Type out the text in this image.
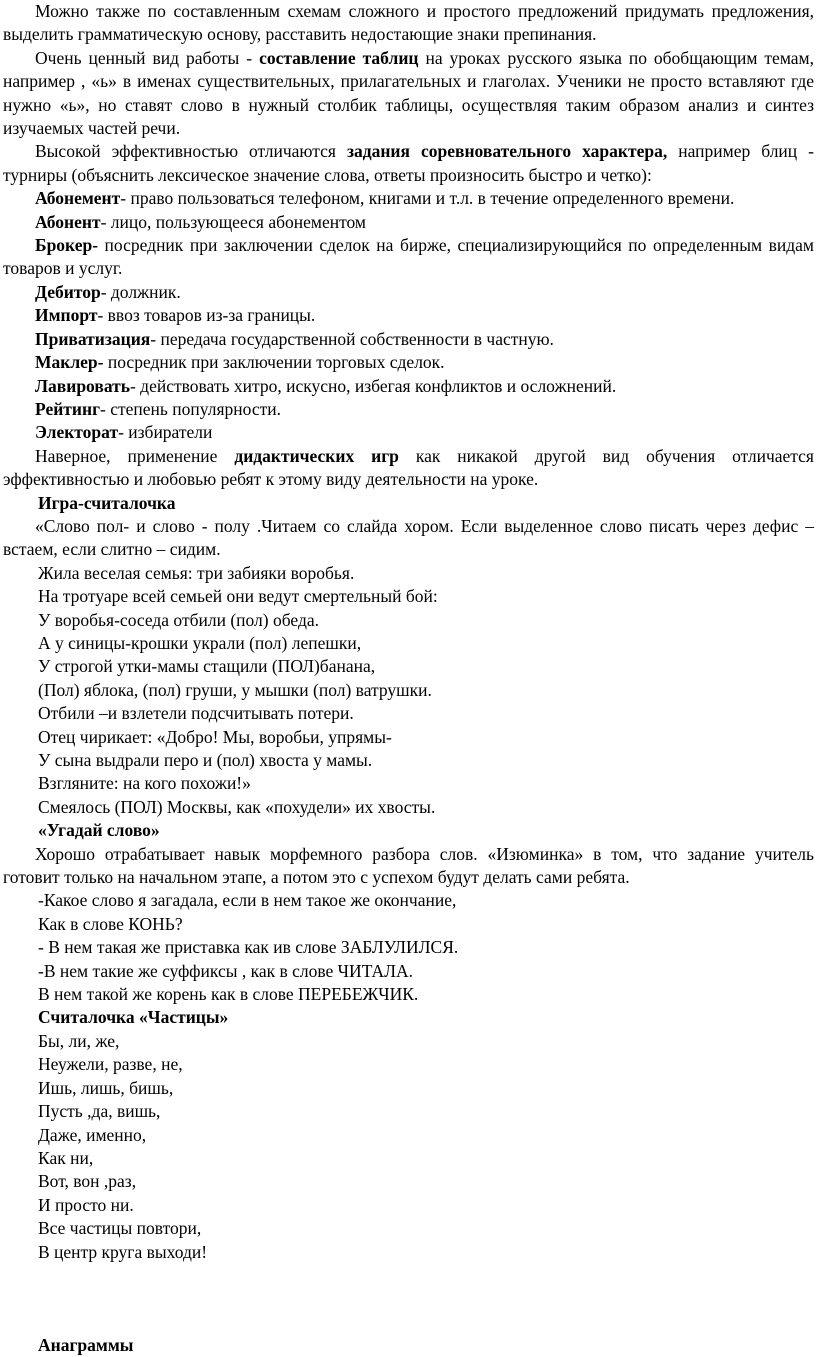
Можно также по составленным схемам сложного и простого предложений придумать предложения, выделить грамматическую основу, расставить недостающие знаки препинания.

Очень ценный вид работы - составление таблиц на уроках русского языка по обобщающим темам, например , «ь» в именах существительных, прилагательных и глаголах. Ученики не просто вставляют где нужно «ь», но ставят слово в нужный столбик таблицы, осуществляя таким образом анализ и синтез изучаемых частей речи.

Высокой эффективностью отличаются задания соревновательного характера, например блиц - турниры (объяснить лексическое значение слова, ответы произносить быстро и четко):

Абонемент- право пользоваться телефоном, книгами и т.л. в течение определенного времени.

Абонент- лицо, пользующееся абонементом

Брокер- посредник при заключении сделок на бирже, специализирующийся по определенным видам товаров и услуг.

Дебитор- должник.

Импорт- ввоз товаров из-за границы.

Приватизация- передача государственной собственности в частную.

Маклер- посредник при заключении торговых сделок.

Лавировать- действовать хитро, искусно, избегая конфликтов и осложнений.

Рейтинг- степень популярности.

Электорат- избиратели

Наверное, применение дидактических игр как никакой другой вид обучения отличается эффективностью и любовью ребят к этому виду деятельности на уроке.

Игра-считалочка

«Слово пол- и слово - полу .Читаем со слайда хором. Если выделенное слово писать через дефис – встаем, если слитно – сидим.

Жила веселая семья: три забияки воробья.

На тротуаре всей семьей они ведут смертельный бой:

У воробья-соседа отбили (пол) обеда.

А у синицы-крошки украли (пол) лепешки,

У строгой утки-мамы стащили (ПОЛ)банана,

(Пол) яблока, (пол) груши, у мышки (пол) ватрушки.

Отбили –и взлетели подсчитывать потери.

Отец чирикает: «Добро! Мы, воробьи, упрямы-

У сына выдрали перо и (пол) хвоста у мамы.

Взгляните: на кого похожи!»

Смеялось (ПОЛ) Москвы, как «похудели» их хвосты.

«Угадай слово»

Хорошо отрабатывает навык морфемного разбора слов. «Изюминка» в том, что задание учитель готовит только на начальном этапе, а потом это с успехом будут делать сами ребята.

-Какое слово я загадала, если в нем такое же окончание,

Как в слове КОНЬ?

- В нем такая же приставка как ив слове ЗАБЛУЛИЛСЯ.

-В нем такие же суффиксы , как в слове ЧИТАЛА.

В нем такой же корень как в слове ПЕРЕБЕЖЧИК.

Считалочка «Частицы»

Бы, ли, же,

Неужели, разве, не,

Ишь, лишь, бишь,

Пусть ,да, вишь,

Даже, именно,

Как ни,

Вот, вон ,раз,

И просто ни.

Все частицы повтори,

В центр круга выходи!

Анаграммы
